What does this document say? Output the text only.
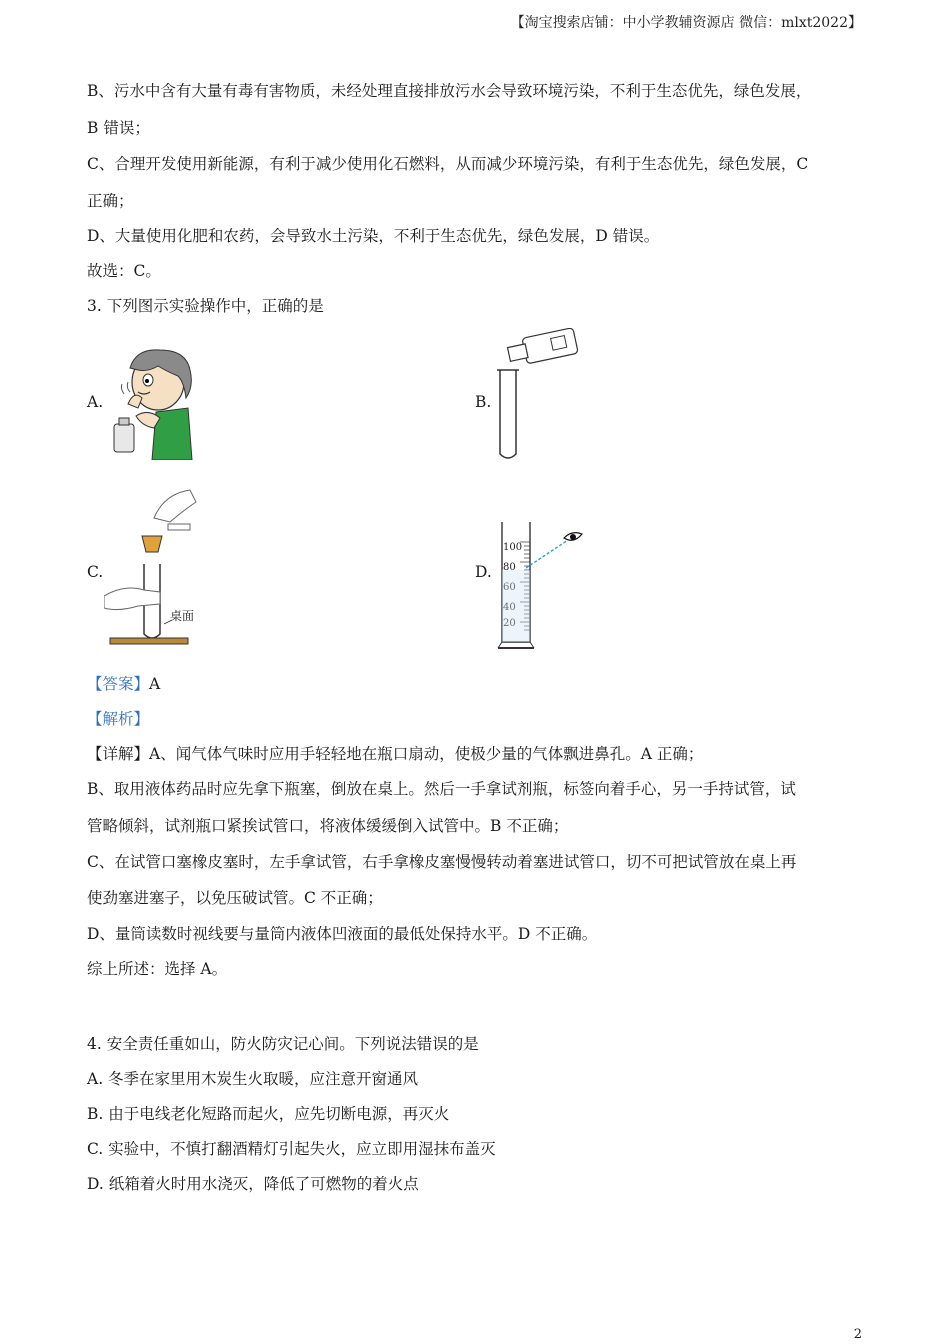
【淘宝搜索店铺：中小学教辅资源店 微信：mlxt2022】
B、污水中含有大量有毒有害物质，未经处理直接排放污水会导致环境污染，不利于生态优先，绿色发展，
B 错误；
C、合理开发使用新能源，有利于减少使用化石燃料，从而减少环境污染，有利于生态优先，绿色发展，C
正确；
D、大量使用化肥和农药，会导致水土污染，不利于生态优先，绿色发展，D 错误。
故选：C。
3. 下列图示实验操作中，正确的是
A.	B.
C.	D.
桌面
100
80
60
40
20
【答案】A
【解析】
【详解】A、闻气体气味时应用手轻轻地在瓶口扇动，使极少量的气体飘进鼻孔。A 正确；
B、取用液体药品时应先拿下瓶塞，倒放在桌上。然后一手拿试剂瓶，标签向着手心，另一手持试管，试
管略倾斜，试剂瓶口紧挨试管口，将液体缓缓倒入试管中。B 不正确；
C、在试管口塞橡皮塞时，左手拿试管，右手拿橡皮塞慢慢转动着塞进试管口，切不可把试管放在桌上再
使劲塞进塞子，以免压破试管。C 不正确；
D、量筒读数时视线要与量筒内液体凹液面的最低处保持水平。D 不正确。
综上所述：选择 A。
4. 安全责任重如山，防火防灾记心间。下列说法错误的是
A. 冬季在家里用木炭生火取暖，应注意开窗通风
B. 由于电线老化短路而起火，应先切断电源，再灭火
C. 实验中，不慎打翻酒精灯引起失火，应立即用湿抹布盖灭
D. 纸箱着火时用水浇灭，降低了可燃物的着火点
2
